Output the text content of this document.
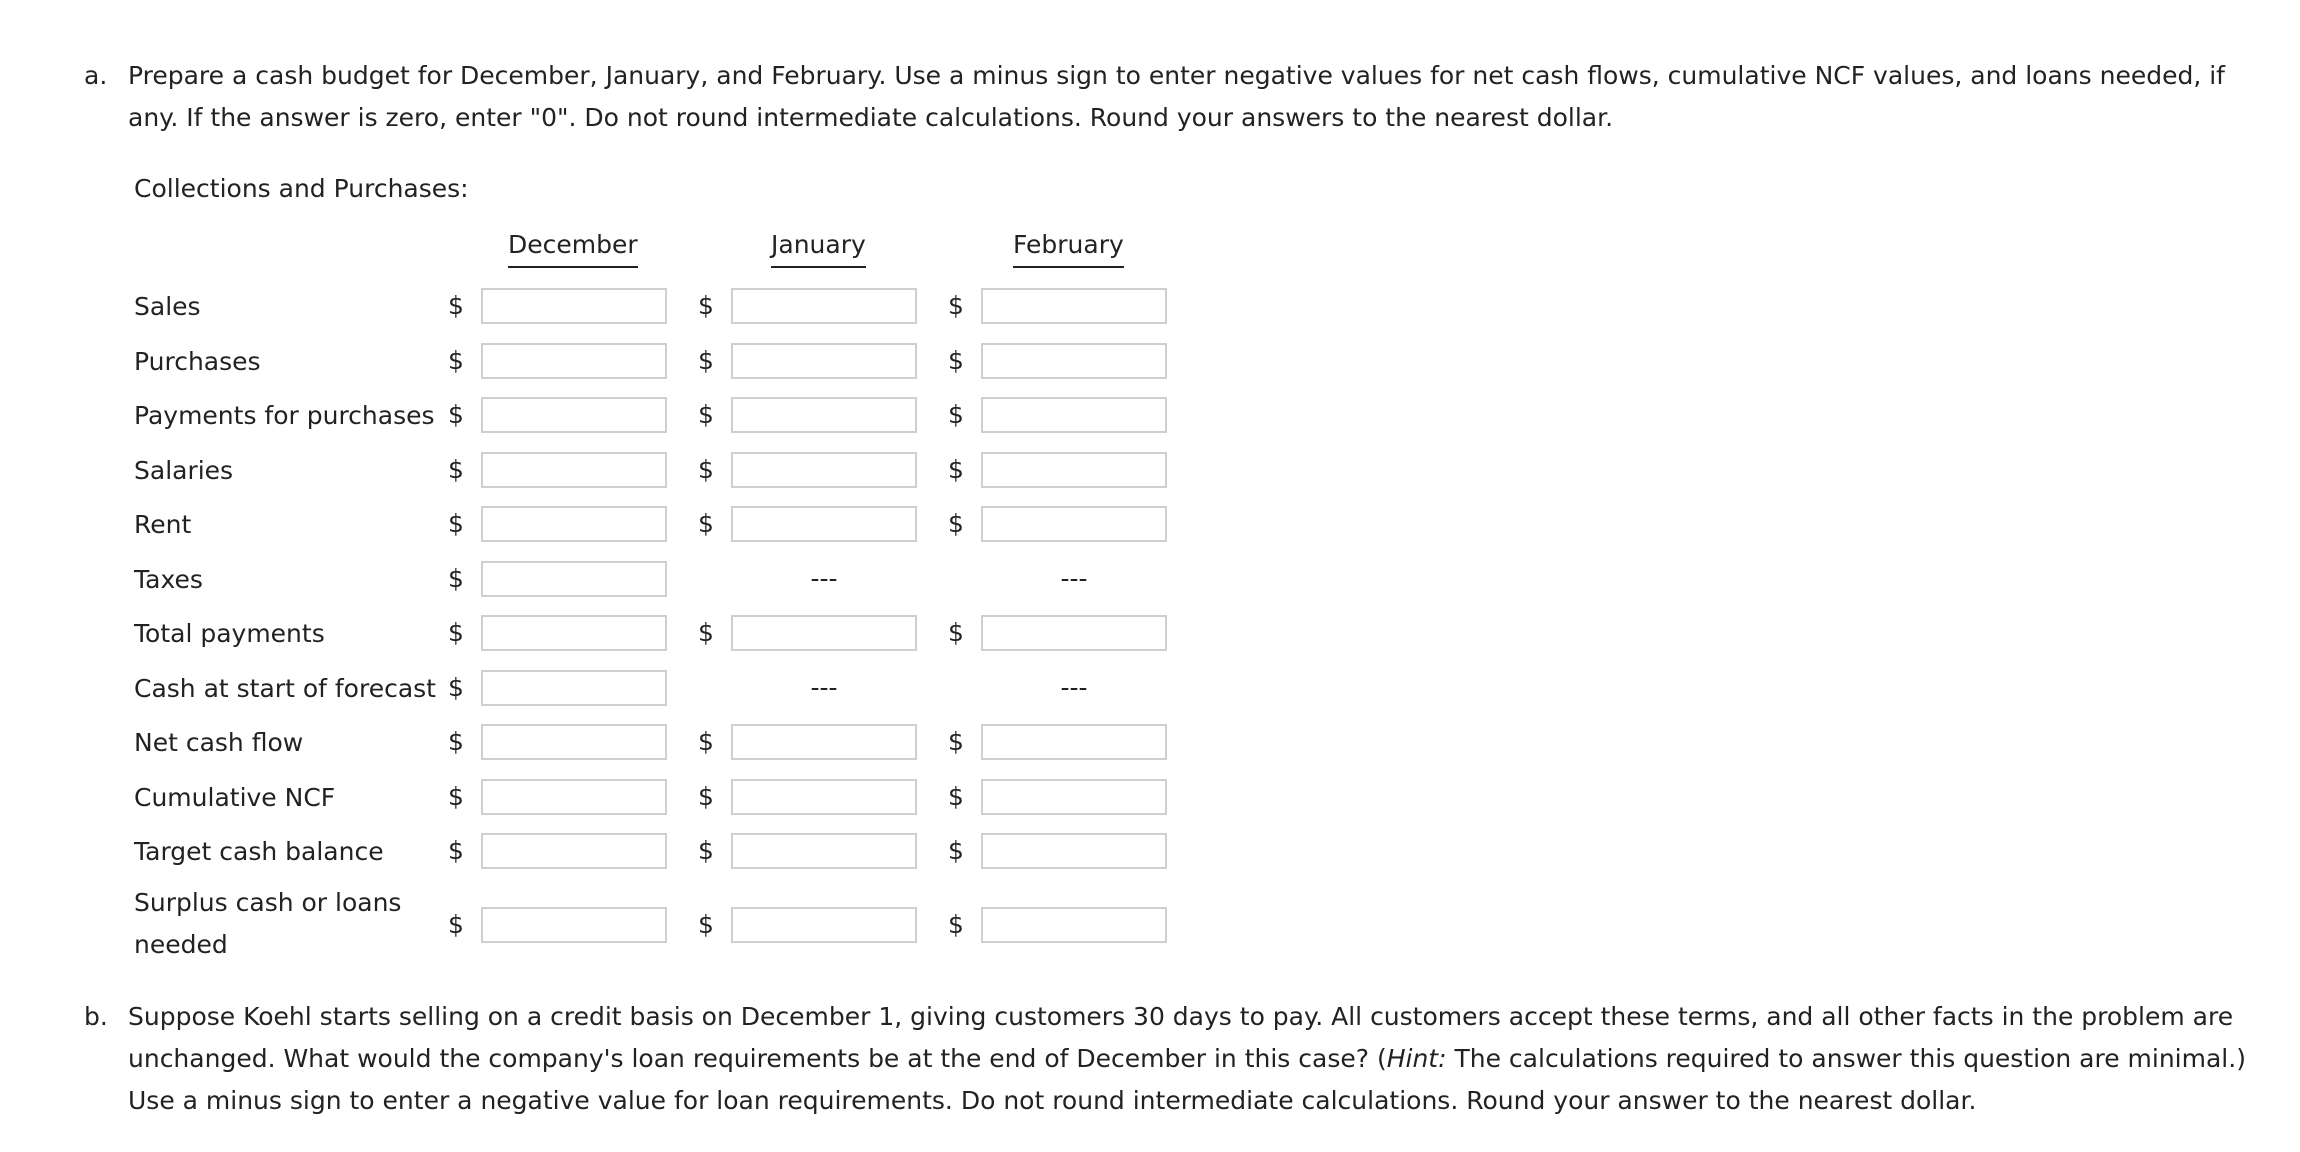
a. Prepare a cash budget for December, January, and February. Use a minus sign to enter negative values for net cash flows, cumulative NCF values, and loans needed, if any. If the answer is zero, enter "0". Do not round intermediate calculations. Round your answers to the nearest dollar.
Collections and Purchases:
December	January	February
Sales	$	$	$
Purchases	$	$	$
Payments for purchases $	$	$
Salaries	$	$	$
Rent	$	$	$
Taxes	$	---	---
Total payments	$	$	$
Cash at start of forecast $	---	---
Net cash flow	$	$	$
Cumulative NCF	$	$	$
Target cash balance	$	$	$
Surplus cash or loans
needed
$	$	$
b. Suppose Koehl starts selling on a credit basis on December 1, giving customers 30 days to pay. All customers accept these terms, and all other facts in the problem are unchanged. What would the company's loan requirements be at the end of December in this case? (Hint: The calculations required to answer this question are minimal.) Use a minus sign to enter a negative value for loan requirements. Do not round intermediate calculations. Round your answer to the nearest dollar.
